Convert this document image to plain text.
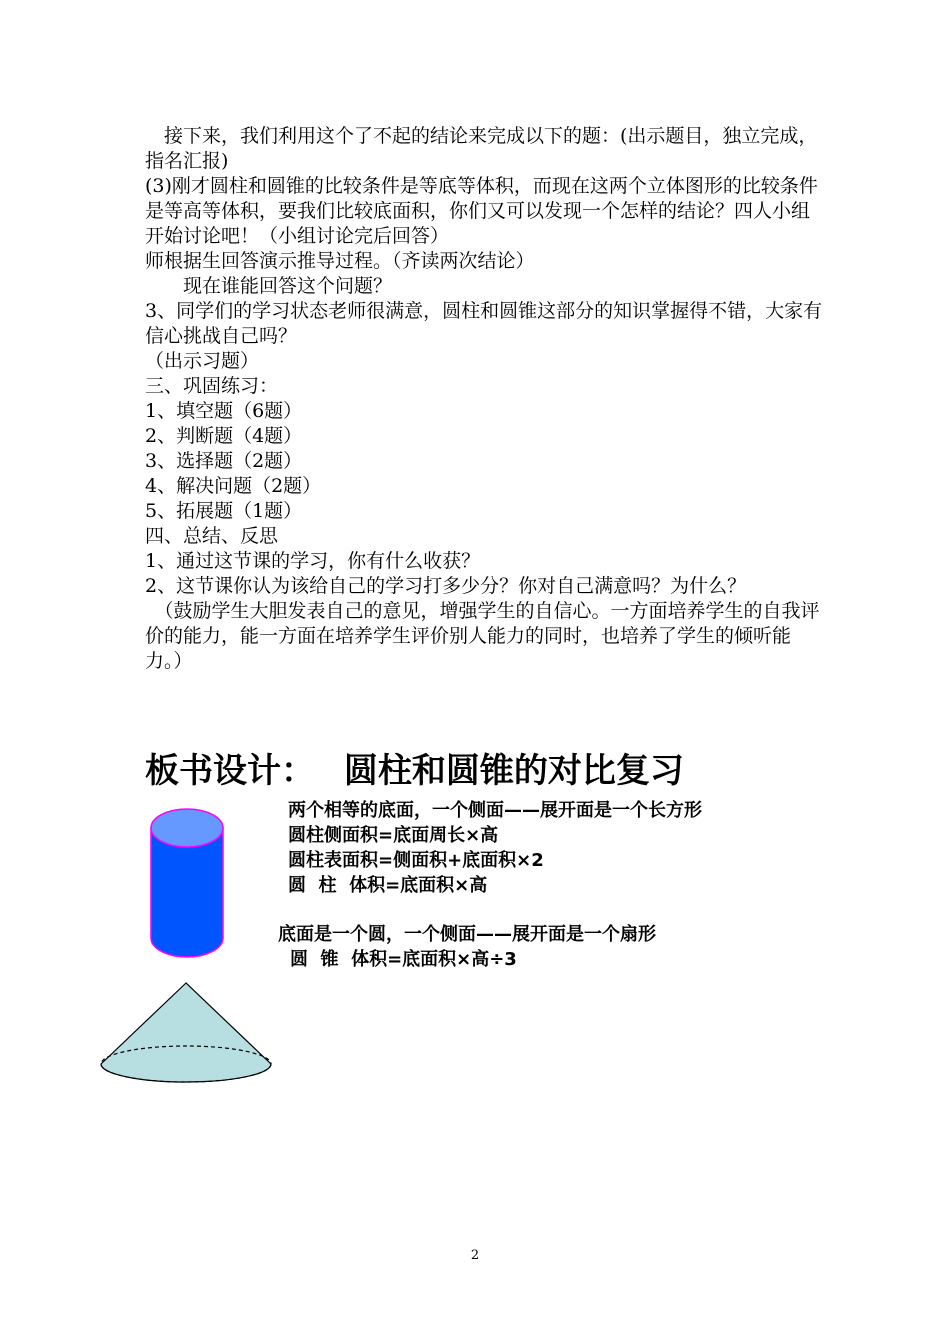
　接下来，我们利用这个了不起的结论来完成以下的题：(出示题目，独立完成，指名汇报)

(3)刚才圆柱和圆锥的比较条件是等底等体积，而现在这两个立体图形的比较条件是等高等体积，要我们比较底面积，你们又可以发现一个怎样的结论？四人小组开始讨论吧！（小组讨论完后回答）

师根据生回答演示推导过程。（齐读两次结论）

　　现在谁能回答这个问题？

3、同学们的学习状态老师很满意，圆柱和圆锥这部分的知识掌握得不错，大家有信心挑战自己吗？

（出示习题）

三、巩固练习：

1、填空题（6题）

2、判断题（4题）

3、选择题（2题）

4、解决问题（2题）

5、拓展题（1题）

四、总结、反思

1、通过这节课的学习，你有什么收获？

2、这节课你认为该给自己的学习打多少分？你对自己满意吗？为什么？

　（鼓励学生大胆发表自己的意见，增强学生的自信心。一方面培养学生的自我评价的能力，能一方面在培养学生评价别人能力的同时，也培养了学生的倾听能力。）

板书设计：　 圆柱和圆锥的对比复习

两个相等的底面，一个侧面——展开面是一个长方形

圆柱侧面积=底面周长×高

圆柱表面积=侧面积+底面积×2

圆  柱  体积=底面积×高

底面是一个圆，一个侧面——展开面是一个扇形

圆  锥  体积=底面积×高÷3

2
